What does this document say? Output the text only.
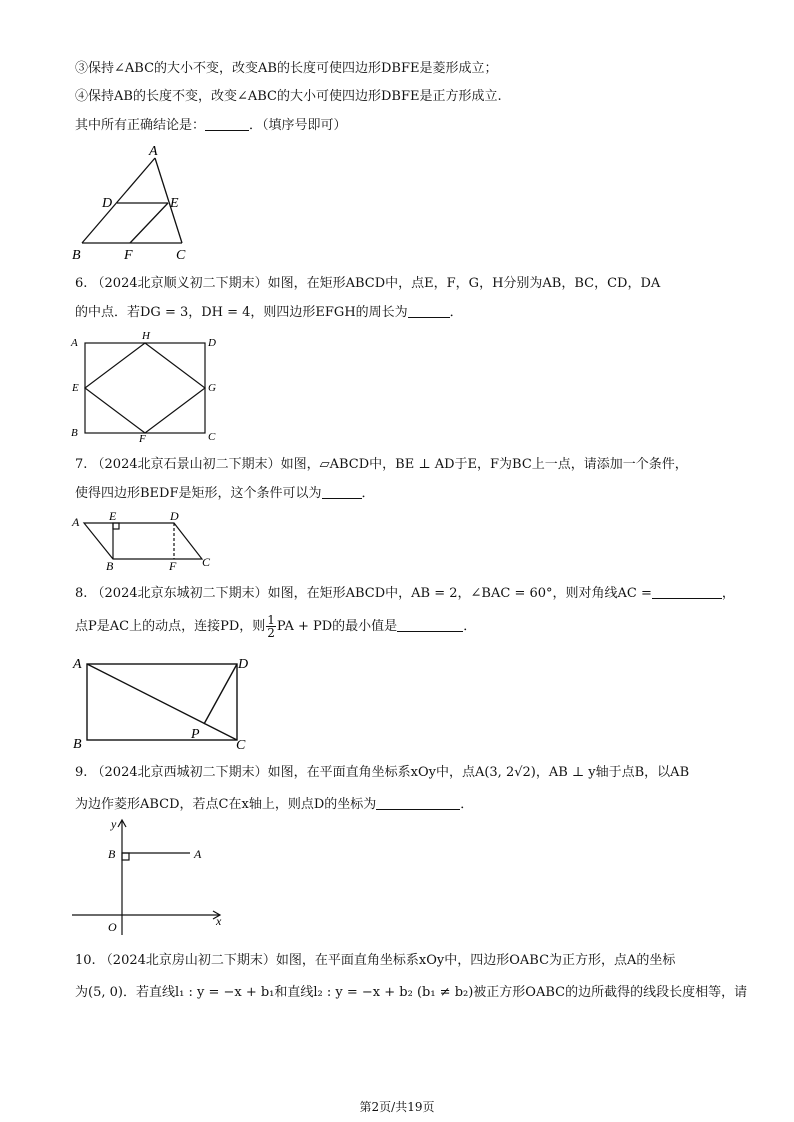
③保持∠ABC的大小不变，改变AB的长度可使四边形DBFE是菱形成立；
④保持AB的长度不变，改变∠ABC的大小可使四边形DBFE是正方形成立.
其中所有正确结论是：	．（填序号即可）
A
D	E
B	F	C
6. （2024北京顺义初二下期末）如图，在矩形ABCD中，点E，F，G，H分别为AB，BC，CD，DA
的中点．若DG = 3，DH = 4，则四边形EFGH的周长为	．
A
H
D
E	G
B	F	C
7. （2024北京石景山初二下期末）如图，▱ABCD中，BE ⊥ AD于E，F为BC上一点，请添加一个条件，
使得四边形BEDF是矩形，这个条件可以为	．
A E	D
B	F C
8. （2024北京东城初二下期末）如图，在矩形ABCD中，AB = 2，∠BAC = 60°，则对角线AC =	，
点P是AC上的动点，连接PD，则 $\frac{1}{2}$ PA + PD的最小值是	．
A	D
B
P
C
9. （2024北京西城初二下期末）如图，在平面直角坐标系xOy中，点A(3, 2√2)，AB ⊥ y轴于点B，以AB
为边作菱形ABCD，若点C在x轴上，则点D的坐标为	．
y
B	A
x
O
10. （2024北京房山初二下期末）如图，在平面直角坐标系xOy中，四边形OABC为正方形，点A的坐标
为(5, 0)．若直线l₁ : y = −x + b₁和直线l₂ : y = −x + b₂ (b₁ ≠ b₂)被正方形OABC的边所截得的线段长度相等，请
第2页/共19页
